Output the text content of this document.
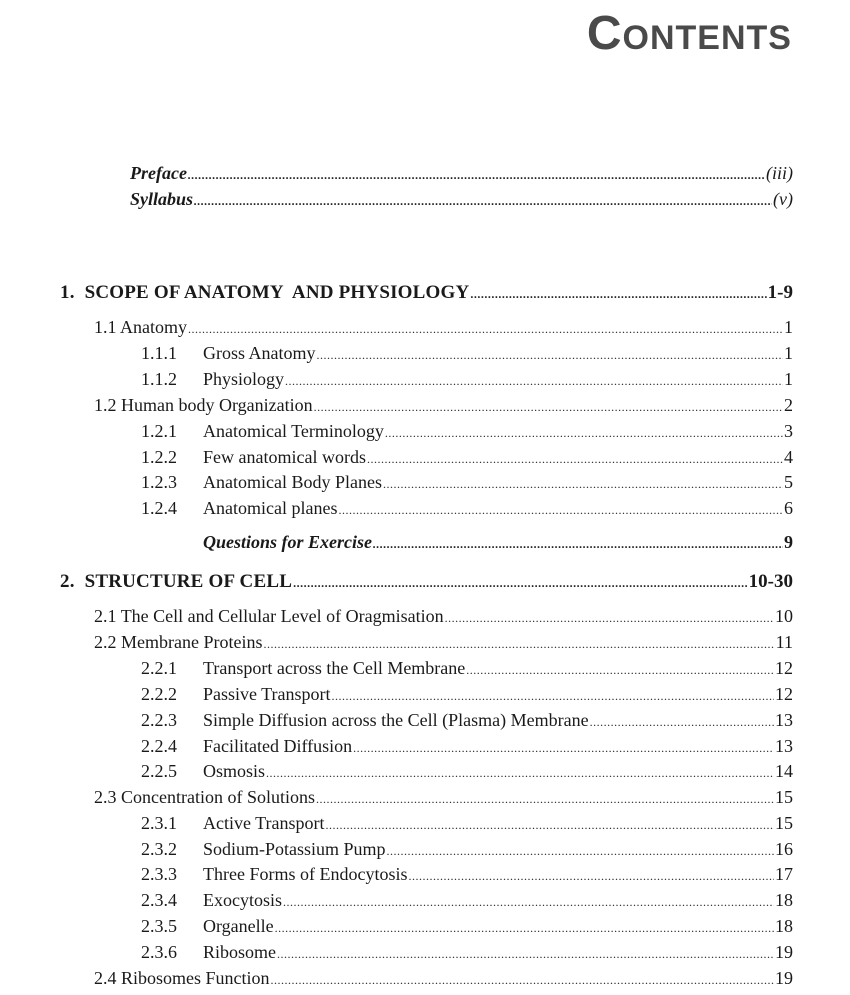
Contents
Preface .....	(iii)
Syllabus .....	(v)
1. SCOPE OF ANATOMY  AND PHYSIOLOGY .....	1-9
1.1 Anatomy .....	1
1.1.1 Gross Anatomy .....	1
1.1.2 Physiology .....	1
1.2 Human body Organization .....	2
1.2.1 Anatomical Terminology .....	3
1.2.2 Few anatomical words .....	4
1.2.3 Anatomical Body Planes .....	5
1.2.4 Anatomical planes .....	6
Questions for Exercise .....	9
2. STRUCTURE OF CELL .....	10-30
2.1 The Cell and Cellular Level of Oragmisation .....	10
2.2 Membrane Proteins .....	11
2.2.1 Transport across the Cell Membrane .....	12
2.2.2 Passive Transport .....	12
2.2.3 Simple Diffusion across the Cell (Plasma) Membrane .....	13
2.2.4 Facilitated Diffusion .....	13
2.2.5 Osmosis .....	14
2.3 Concentration of Solutions .....	15
2.3.1 Active Transport .....	15
2.3.2 Sodium-Potassium Pump .....	16
2.3.3 Three Forms of Endocytosis .....	17
2.3.4 Exocytosis .....	18
2.3.5 Organelle .....	18
2.3.6 Ribosome .....	19
2.4 Ribosomes Function .....	19
